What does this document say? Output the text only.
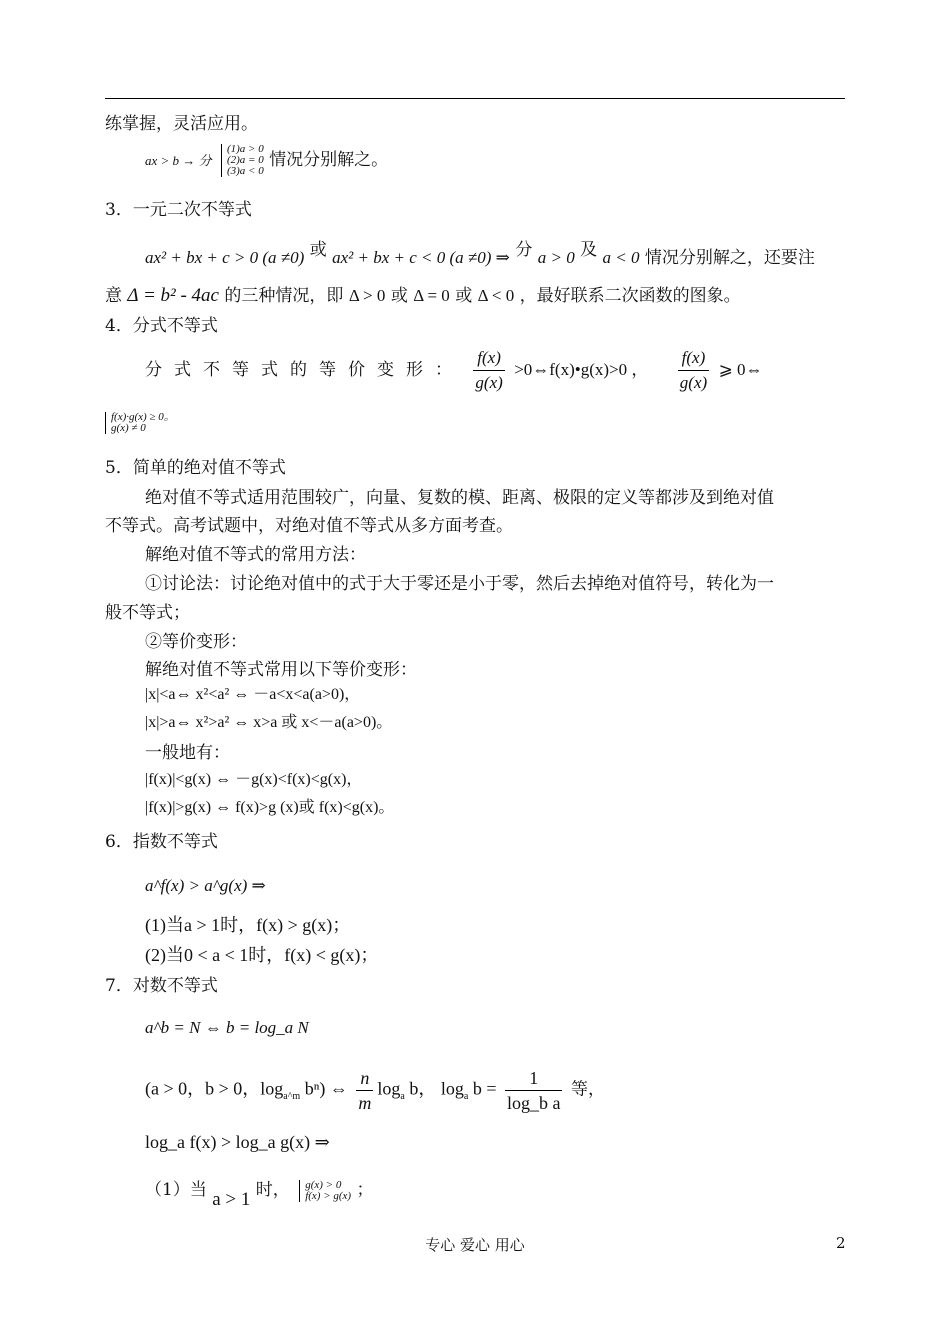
练掌握，灵活应用。
ax > b → 分
(1)a > 0
(2)a = 0
(3)a < 0
情况分别解之。
3．一元二次不等式
ax² + bx + c > 0 (a ≠0) 或 ax² + bx + c < 0 (a ≠0) ⇒ 分 a > 0 及 a < 0 情况分别解之，还要注
意 Δ = b² - 4ac 的三种情况，即 Δ > 0 或 Δ = 0 或 Δ < 0 ，最好联系二次函数的图象。
4．分式不等式
分式不等式的等价变形： $\frac{f(x)}{g(x)}$ >0⇔f(x)•g(x)>0 ， $\frac{f(x)}{g(x)}$ ⩾ 0⇔
f(x)·g(x) ≥ 0。
g(x) ≠ 0
5．简单的绝对值不等式
绝对值不等式适用范围较广，向量、复数的模、距离、极限的定义等都涉及到绝对值
不等式。高考试题中，对绝对值不等式从多方面考查。
解绝对值不等式的常用方法：
①讨论法：讨论绝对值中的式于大于零还是小于零，然后去掉绝对值符号，转化为一
般不等式；
②等价变形：
解绝对值不等式常用以下等价变形：
|x|<a⇔ x²<a² ⇔ －a<x<a(a>0)，
|x|>a⇔ x²>a² ⇔ x>a 或 x<－a(a>0)。
一般地有：
|f(x)|<g(x) ⇔ －g(x)<f(x)<g(x)，
|f(x)|>g(x) ⇔ f(x)>g (x)或 f(x)<g(x)。
6．指数不等式
a^f(x) > a^g(x) ⇒
(1)当a > 1时，f(x) > g(x)；
(2)当0 < a < 1时，f(x) < g(x)；
7．对数不等式
a^b = N ⇔ b = log_a N
(a > 0，b > 0，$\log_{a\^{}m} b^n$) ⇔ $\frac{n}{m} \log_a b$， $\log_a b = \frac{1}{\text{log\_b a}}$ 等，
log_a f(x) > log_a g(x) ⇒
（1）当 a > 1 时， g(x) > 0
f(x) > g(x) ；
专心 爱心 用心	2
